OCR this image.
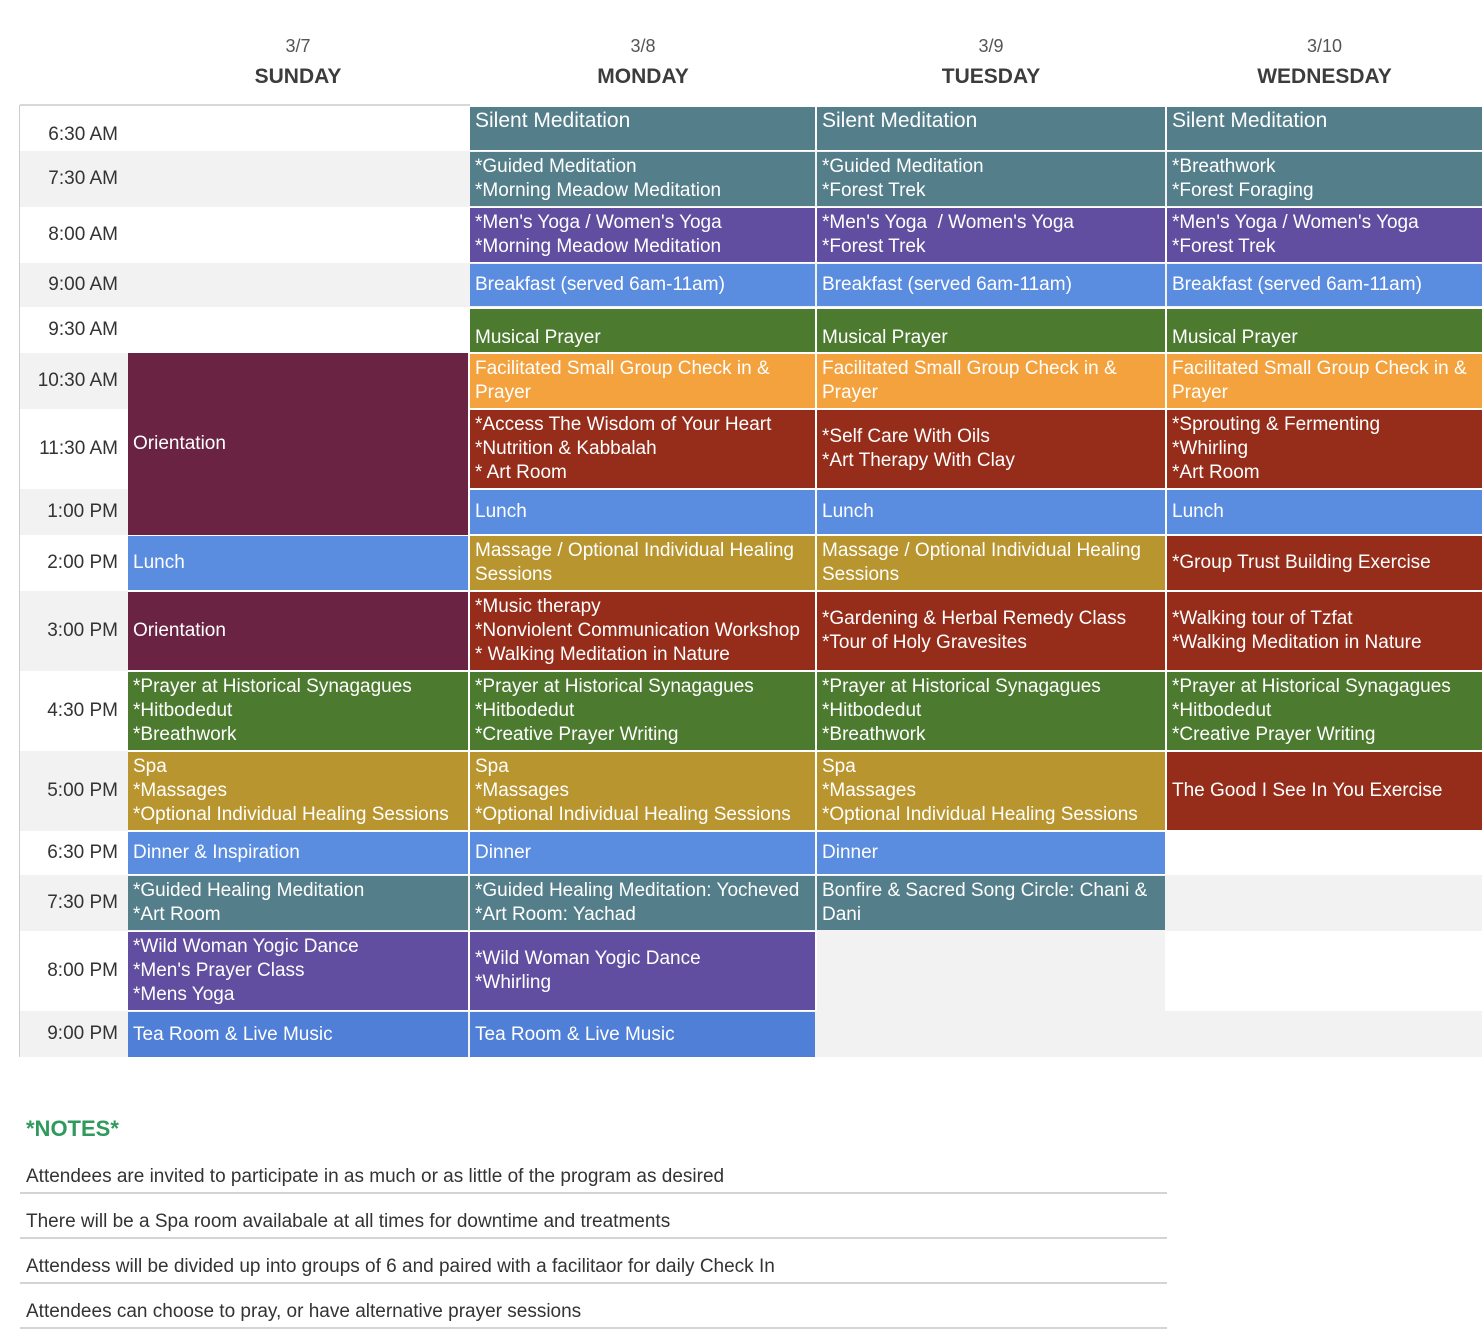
3/7
SUNDAY
3/8
MONDAY
3/9
TUESDAY
3/10
WEDNESDAY
6:30 AM
7:30 AM
8:00 AM
9:00 AM
9:30 AM
10:30 AM
11:30 AM
1:00 PM
2:00 PM
3:00 PM
4:30 PM
5:00 PM
6:30 PM
7:30 PM
8:00 PM
9:00 PM
Orientation
Lunch
Orientation
*Prayer at Historical Synagagues
*Hitbodedut
*Breathwork
Spa
*Massages
*Optional Individual Healing Sessions
Dinner & Inspiration
*Guided Healing Meditation
*Art Room
*Wild Woman Yogic Dance
*Men's Prayer Class
*Mens Yoga
Tea Room & Live Music
Silent Meditation
*Guided Meditation
*Morning Meadow Meditation
*Men's Yoga / Women's Yoga
*Morning Meadow Meditation
Breakfast (served 6am-11am)
Musical Prayer
Facilitated Small Group Check in &
Prayer
*Access The Wisdom of Your Heart
*Nutrition & Kabbalah
* Art Room
Lunch
Massage / Optional Individual Healing
Sessions
*Music therapy
*Nonviolent Communication Workshop
* Walking Meditation in Nature
*Prayer at Historical Synagagues
*Hitbodedut
*Creative Prayer Writing
Spa
*Massages
*Optional Individual Healing Sessions
Dinner
*Guided Healing Meditation: Yocheved
*Art Room: Yachad
*Wild Woman Yogic Dance
*Whirling
Tea Room & Live Music
Silent Meditation
*Guided Meditation
*Forest Trek
*Men's Yoga  / Women's Yoga
*Forest Trek
Breakfast (served 6am-11am)
Musical Prayer
Facilitated Small Group Check in &
Prayer
*Self Care With Oils
*Art Therapy With Clay
Lunch
Massage / Optional Individual Healing
Sessions
*Gardening & Herbal Remedy Class
*Tour of Holy Gravesites
*Prayer at Historical Synagagues
*Hitbodedut
*Breathwork
Spa
*Massages
*Optional Individual Healing Sessions
Dinner
Bonfire & Sacred Song Circle: Chani &
Dani
Silent Meditation
*Breathwork
*Forest Foraging
*Men's Yoga / Women's Yoga
*Forest Trek
Breakfast (served 6am-11am)
Musical Prayer
Facilitated Small Group Check in &
Prayer
*Sprouting & Fermenting
*Whirling
*Art Room
Lunch
*Group Trust Building Exercise
*Walking tour of Tzfat
*Walking Meditation in Nature
*Prayer at Historical Synagagues
*Hitbodedut
*Creative Prayer Writing
The Good I See In You Exercise
*NOTES*
Attendees are invited to participate in as much or as little of the program as desired
There will be a Spa room availabale at all times for downtime and treatments
Attendess will be divided up into groups of 6 and paired with a facilitaor for daily Check In
Attendees can choose to pray, or have alternative prayer sessions
